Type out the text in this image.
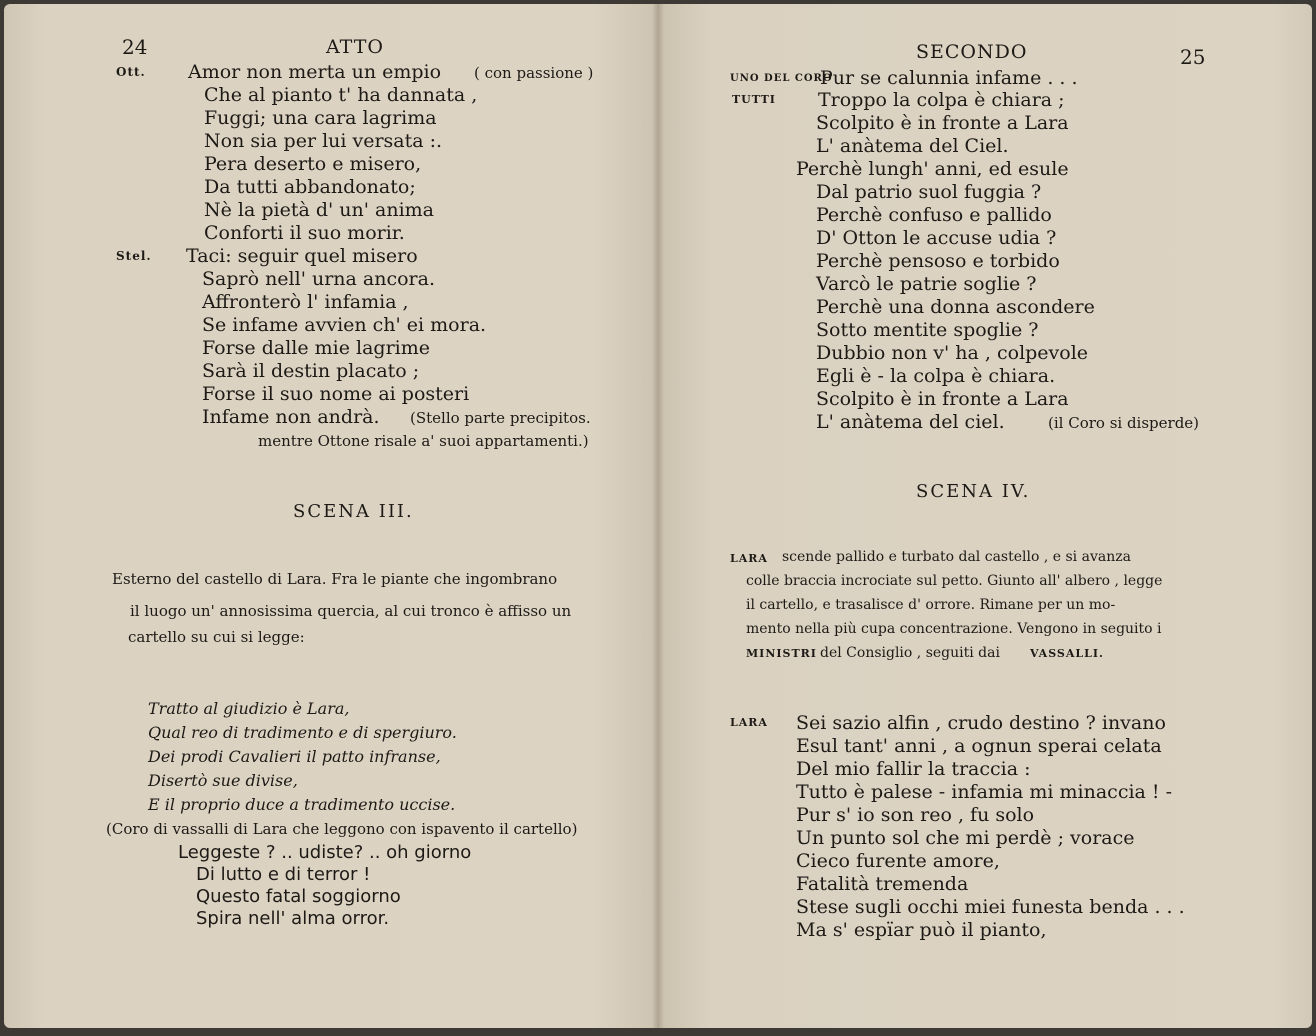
24	ATTO
Ott. Amor non merta un empio ( con passione )
Che al pianto t' ha dannata ,
Fuggi; una cara lagrima
Non sia per lui versata :.
Pera deserto e misero,
Da tutti abbandonato;
Nè la pietà d' un' anima
Conforti il suo morir.
Stel. Taci: seguir quel misero
Saprò nell' urna ancora.
Affronterò l' infamia ,
Se infame avvien ch' ei mora.
Forse dalle mie lagrime
Sarà il destin placato ;
Forse il suo nome ai posteri
Infame non andrà. (Stello parte precipitos.
mentre Ottone risale a' suoi appartamenti.)
SCENA III.
Esterno del castello di Lara. Fra le piante che ingombrano
il luogo un' annosissima quercia, al cui tronco è affisso un
cartello su cui si legge:
Tratto al giudizio è Lara,
Qual reo di tradimento e di spergiuro.
Dei prodi Cavalieri il patto infranse,
Disertò sue divise,
E il proprio duce a tradimento uccise.
(Coro di vassalli di Lara che leggono con ispavento il cartello)
Leggeste ? .. udiste? .. oh giorno
Di lutto e di terror !
Questo fatal soggiorno
Spira nell' alma orror.
SECONDO	25
UNO DEL CORO
Pur se calunnia infame . . .
TUTTI Troppo la colpa è chiara ;
Scolpito è in fronte a Lara
L' anàtema del Ciel.
Perchè lungh' anni, ed esule
Dal patrio suol fuggia ?
Perchè confuso e pallido
D' Otton le accuse udia ?
Perchè pensoso e torbido
Varcò le patrie soglie ?
Perchè una donna ascondere
Sotto mentite spoglie ?
Dubbio non v' ha , colpevole
Egli è - la colpa è chiara.
Scolpito è in fronte a Lara
L' anàtema del ciel.	(il Coro si disperde)
SCENA IV.
LARA scende pallido e turbato dal castello , e si avanza
colle braccia incrociate sul petto. Giunto all' albero , legge
il cartello, e trasalisce d' orrore. Rimane per un mo-
mento nella più cupa concentrazione. Vengono in seguito i
MINISTRI del Consiglio , seguiti dai	VASSALLI.
LARA Sei sazio alfin , crudo destino ? invano
Esul tant' anni , a ognun sperai celata
Del mio fallir la traccia :
Tutto è palese - infamia mi minaccia ! -
Pur s' io son reo , fu solo
Un punto sol che mi perdè ; vorace
Cieco furente amore,
Fatalità tremenda
Stese sugli occhi miei funesta benda . . .
Ma s' espïar può il pianto,
